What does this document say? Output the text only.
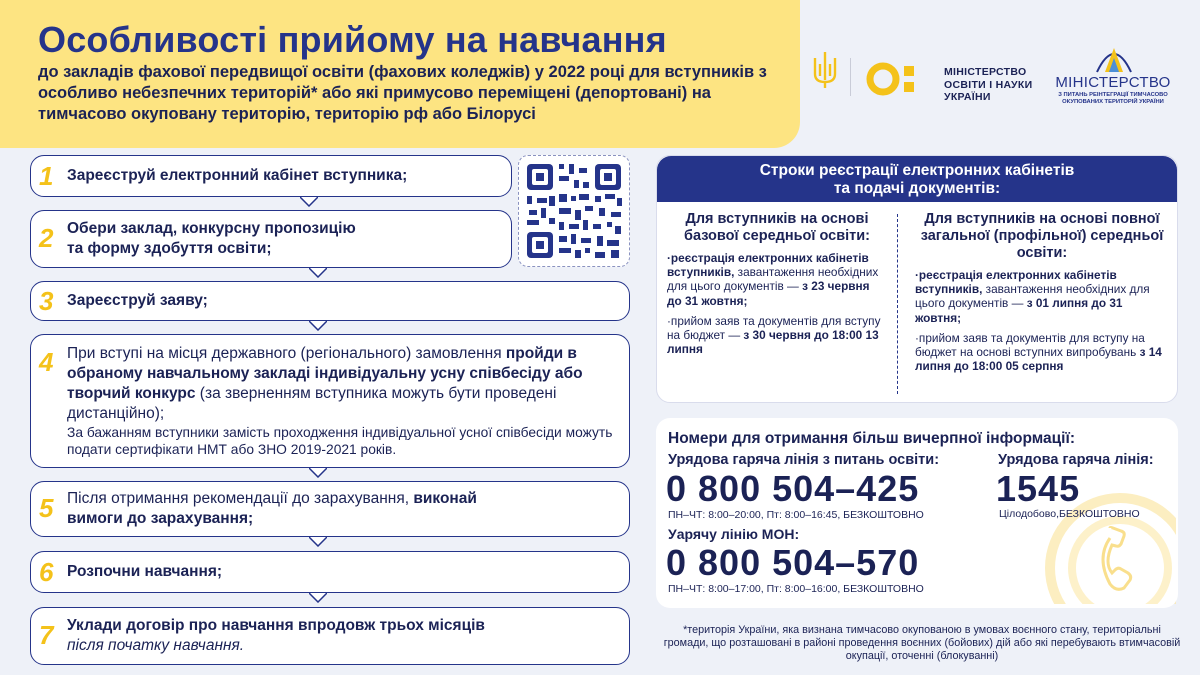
Особливості прийому на навчання
до закладів фахової передвищої освіти (фахових коледжів) у 2022 році для вступників з особливо небезпечних територій* або які примусово переміщені (депортовані) на тимчасово окуповану територію, територію рф або Білорусі
МІНІСТЕРСТВО
ОСВІТИ І НАУКИ
УКРАЇНИ
МІНІСТЕРСТВО
З ПИТАНЬ РЕІНТЕГРАЦІЇ ТИМЧАСОВО ОКУПОВАНИХ ТЕРИТОРІЙ УКРАЇНИ
1 Зареєструй електронний кабінет вступника;
2 Обери заклад, конкурсну пропозицію
та форму здобуття освіти;
3 Зареєструй заяву;
4 При вступі на місця державного (регіонального) замовлення пройди в обраному навчальному закладі індивідуальну усну співбесіду або творчий конкурс (за зверненням вступника можуть бути проведені дистанційно);
За бажанням вступники замість проходження індивідуальної усної співбесіди можуть подати сертифікати НМТ або ЗНО 2019-2021 років.
5 Після отримання рекомендації до зарахування, виконай
вимоги до зарахування;
6 Розпочни навчання;
7 Уклади договір про навчання впродовж трьох місяців
після початку навчання.
Строки реєстрації електронних кабінетів
та подачі документів:
Для вступників на основі базової середньої освіти:

·реєстрація електронних кабінетів вступників, завантаження необхідних для цього документів — з 23 червня до 31 жовтня;

·прийом заяв та документів для вступу на бюджет — з 30 червня до 18:00 13 липня

Для вступників на основі повної загальної (профільної) середньої освіти:

·реєстрація електронних кабінетів вступників, завантаження необхідних для цього документів — з 01 липня до 31 жовтня;

·прийом заяв та документів для вступу на бюджет на основі вступних випробувань з 14 липня до 18:00 05 серпня

Номери для отримання більш вичерпної інформації:
Урядова гаряча лінія з питань освіти:
0 800 504–425
ПН–ЧТ: 8:00–20:00, Пт: 8:00–16:45, БЕЗКОШТОВНО
Уарячу лінію МОН:
0 800 504–570
ПН–ЧТ: 8:00–17:00, Пт: 8:00–16:00, БЕЗКОШТОВНО
Урядова гаряча лінія:
1545
Цілодобово,БЕЗКОШТОВНО
*територія України, яка визнана тимчасово окупованою в умовах воєнного стану, територіальні громади, що розташовані в районі проведення воєнних (бойових) дій або які перебувають втимчасовій окупації, оточенні (блокуванні)
